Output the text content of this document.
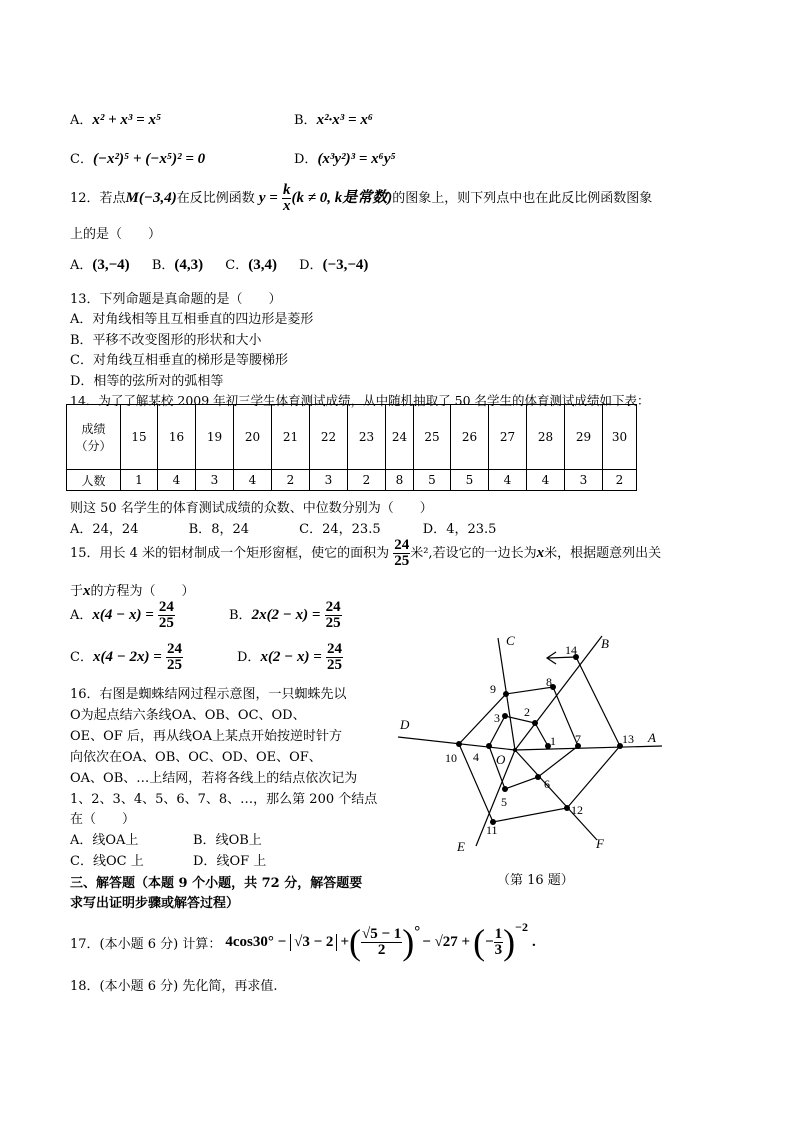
A．x² + x³ = x⁵	B．x²·x³ = x⁶
C．(−x²)⁵ + (−x⁵)² = 0	D．(x³y²)³ = x⁶y⁵
12．若点M(−3,4)在反比例函数 $y = \frac{k}{x} (k \ne 0$, k是常数)的图象上，则下列点中也在此反比例函数图象
上的是（　　）
A．(3,−4) B．(4,3) C．(3,4) D．(−3,−4)
13．下列命题是真命题的是（　　）
A．对角线相等且互相垂直的四边形是菱形
B．平移不改变图形的形状和大小
C．对角线互相垂直的梯形是等腰梯形
D．相等的弦所对的弧相等
14．为了了解某校 2009 年初三学生体育测试成绩，从中随机抽取了 50 名学生的体育测试成绩如下表：
成绩
（分）	15	16	19	20	21	22	23	24	25	26	27	28	29	30
人数	1	4	3	4	2	3	2	8	5	5	4	4	3	2
则这 50 名学生的体育测试成绩的众数、中位数分别为（　　）
A．24，24	B．8，24	C．24，23.5	D．4，23.5
15．用长 4 米的铝材制成一个矩形窗框，使它的面积为 $\frac{24}{25}$ 米²,若设它的一边长为x米，根据题意列出关
于x的方程为（　　）
A．$x(4 - x) = \frac{24}{25}$	B．$2x(2 - x) = \frac{24}{25}$
C．$x(4 - 2x) = \frac{24}{25}$	D．$x(2 - x) = \frac{24}{25}$
16．右图是蜘蛛结网过程示意图，一只蜘蛛先以
O为起点结六条线OA、OB、OC、OD、
OE、OF 后，再从线OA上某点开始按逆时针方
向依次在OA、OB、OC、OD、OE、OF、
OA、OB、…上结网，若将各线上的结点依次记为
1、2、3、4、5、6、7、8、…，那么第 200 个结点
在（　　）
A．线OA上	B．线OB上
C．线OC 上	D．线OF 上
A
B
C
D
E	F
O
1
2
3
4
5
6
7
8
9
10
11
12
13
14
（第 16 题）
三、解答题（本题 9 个小题，共 72 分，解答题要
求写出证明步骤或解答过程）
17．(本小题 6 分) 计算： 4cos30° − √3 − 2 + ( $\frac{√5 - 1}{2}$ ) °
− √27 + ( − $\frac{1}{3}$ ) −2
.
18．(本小题 6 分) 先化简，再求值.
